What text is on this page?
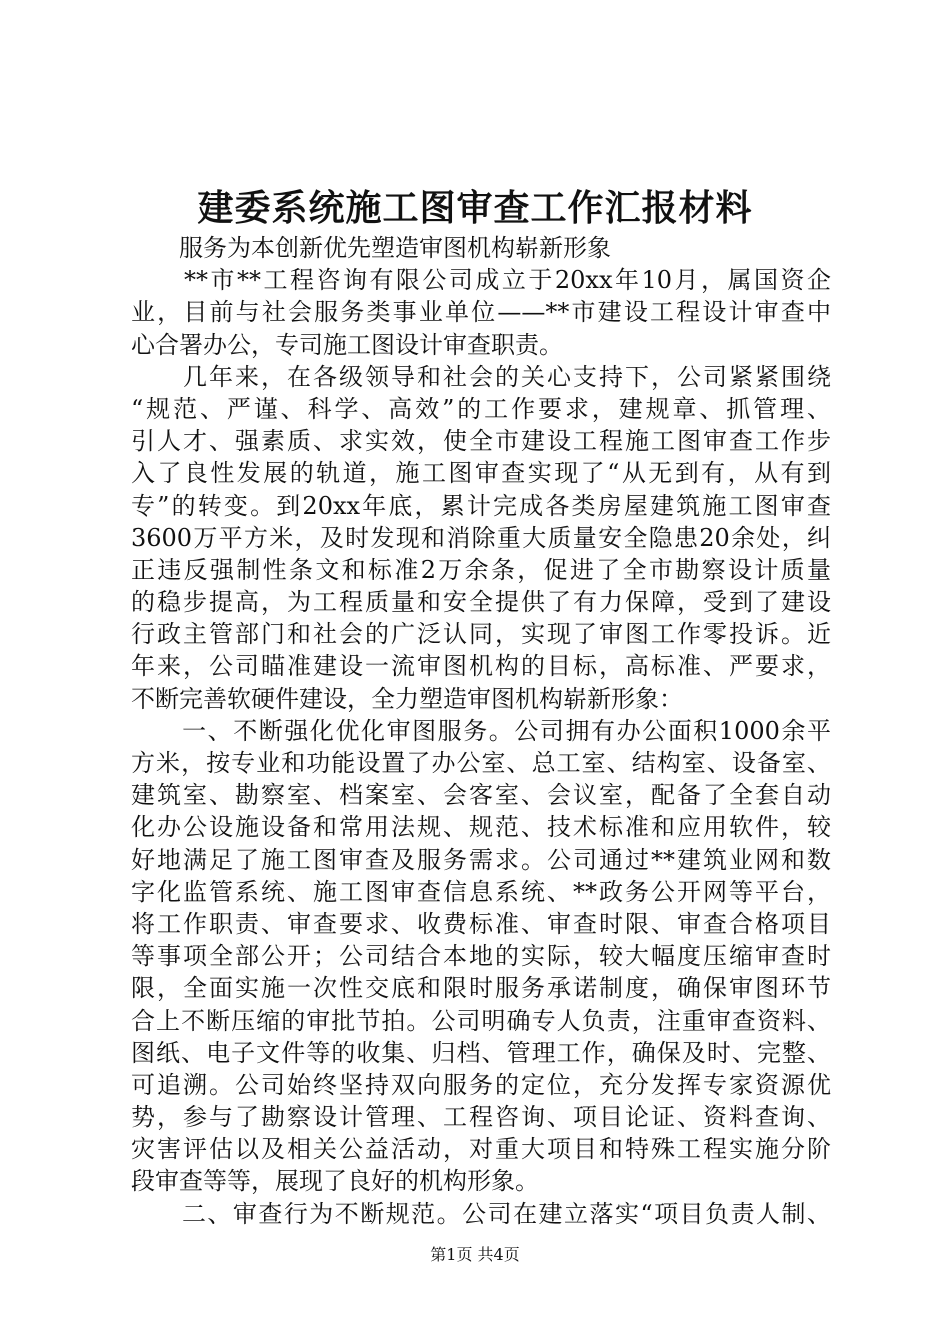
建委系统施工图审查工作汇报材料
　　服务为本创新优先塑造审图机构崭新形象
　　**市**工程咨询有限公司成立于20xx年10月，属国资企
业，目前与社会服务类事业单位——**市建设工程设计审查中
心合署办公，专司施工图设计审查职责。
　　几年来，在各级领导和社会的关心支持下，公司紧紧围绕
“规范、严谨、科学、高效”的工作要求，建规章、抓管理、
引人才、强素质、求实效，使全市建设工程施工图审查工作步
入了良性发展的轨道，施工图审查实现了“从无到有，从有到
专”的转变。到20xx年底，累计完成各类房屋建筑施工图审查
3600万平方米，及时发现和消除重大质量安全隐患20余处，纠
正违反强制性条文和标准2万余条，促进了全市勘察设计质量
的稳步提高，为工程质量和安全提供了有力保障，受到了建设
行政主管部门和社会的广泛认同，实现了审图工作零投诉。近
年来，公司瞄准建设一流审图机构的目标，高标准、严要求，
不断完善软硬件建设，全力塑造审图机构崭新形象：
　　一、不断强化优化审图服务。公司拥有办公面积1000余平
方米，按专业和功能设置了办公室、总工室、结构室、设备室、
建筑室、勘察室、档案室、会客室、会议室，配备了全套自动
化办公设施设备和常用法规、规范、技术标准和应用软件，较
好地满足了施工图审查及服务需求。公司通过**建筑业网和数
字化监管系统、施工图审查信息系统、**政务公开网等平台，
将工作职责、审查要求、收费标准、审查时限、审查合格项目
等事项全部公开；公司结合本地的实际，较大幅度压缩审查时
限，全面实施一次性交底和限时服务承诺制度，确保审图环节
合上不断压缩的审批节拍。公司明确专人负责，注重审查资料、
图纸、电子文件等的收集、归档、管理工作，确保及时、完整、
可追溯。公司始终坚持双向服务的定位，充分发挥专家资源优
势，参与了勘察设计管理、工程咨询、项目论证、资料查询、
灾害评估以及相关公益活动，对重大项目和特殊工程实施分阶
段审查等等，展现了良好的机构形象。
　　二、审查行为不断规范。公司在建立落实“项目负责人制、
第1页 共4页
